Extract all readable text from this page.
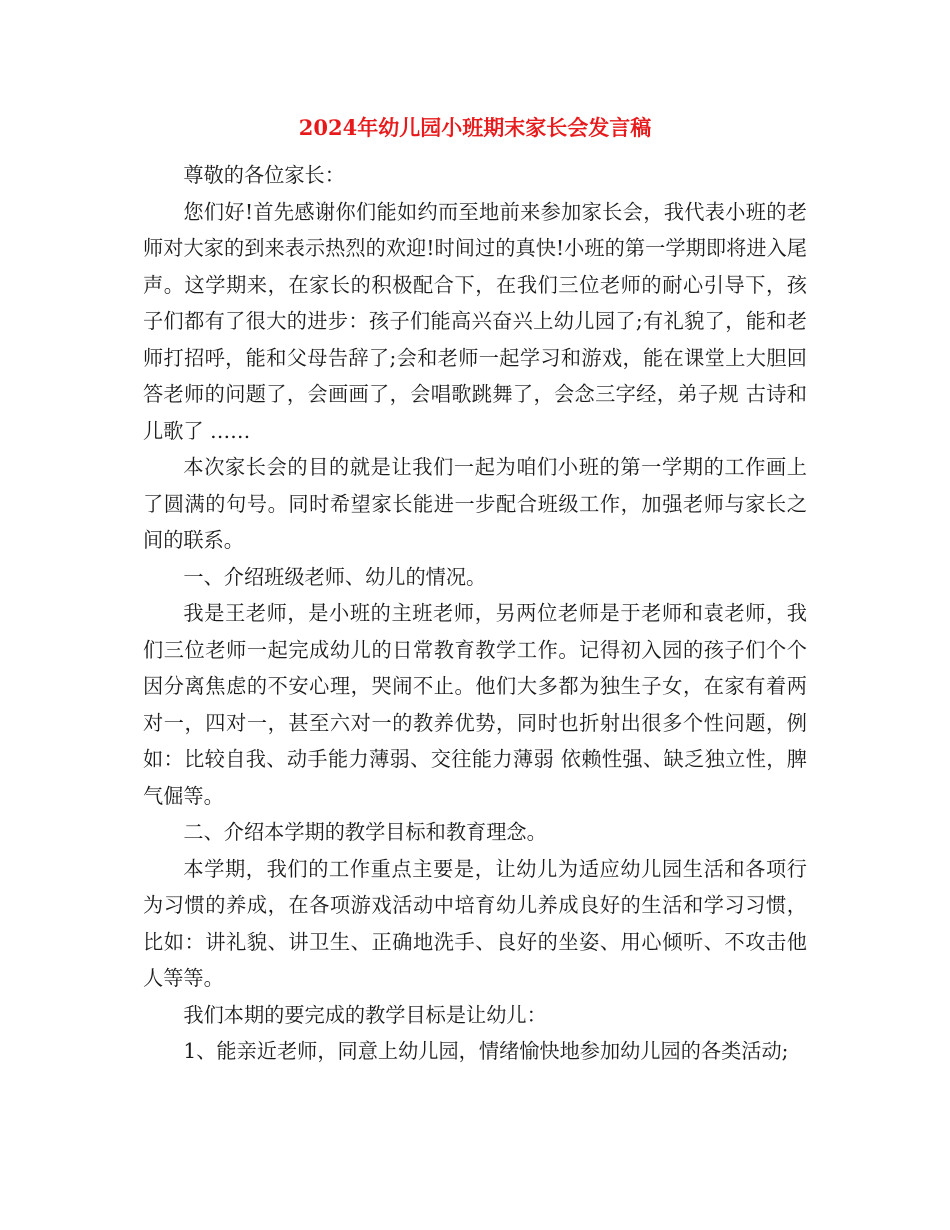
2024年幼儿园小班期末家长会发言稿

尊敬的各位家长：

您们好!首先感谢你们能如约而至地前来参加家长会，我代表小班的老师对大家的到来表示热烈的欢迎!时间过的真快!小班的第一学期即将进入尾声。这学期来，在家长的积极配合下，在我们三位老师的耐心引导下，孩子们都有了很大的进步：孩子们能高兴奋兴上幼儿园了;有礼貌了，能和老师打招呼，能和父母告辞了;会和老师一起学习和游戏，能在课堂上大胆回答老师的问题了，会画画了，会唱歌跳舞了，会念三字经，弟子规 古诗和儿歌了 ……

本次家长会的目的就是让我们一起为咱们小班的第一学期的工作画上了圆满的句号。同时希望家长能进一步配合班级工作，加强老师与家长之间的联系。

一、介绍班级老师、幼儿的情况。

我是王老师，是小班的主班老师，另两位老师是于老师和袁老师，我们三位老师一起完成幼儿的日常教育教学工作。记得初入园的孩子们个个因分离焦虑的不安心理，哭闹不止。他们大多都为独生子女，在家有着两对一，四对一，甚至六对一的教养优势，同时也折射出很多个性问题，例如：比较自我、动手能力薄弱、交往能力薄弱 依赖性强、缺乏独立性，脾气倔等。

二、介绍本学期的教学目标和教育理念。

本学期，我们的工作重点主要是，让幼儿为适应幼儿园生活和各项行为习惯的养成，在各项游戏活动中培育幼儿养成良好的生活和学习习惯，比如：讲礼貌、讲卫生、正确地洗手、良好的坐姿、用心倾听、不攻击他人等等。

我们本期的要完成的教学目标是让幼儿：

1、能亲近老师，同意上幼儿园，情绪愉快地参加幼儿园的各类活动;
